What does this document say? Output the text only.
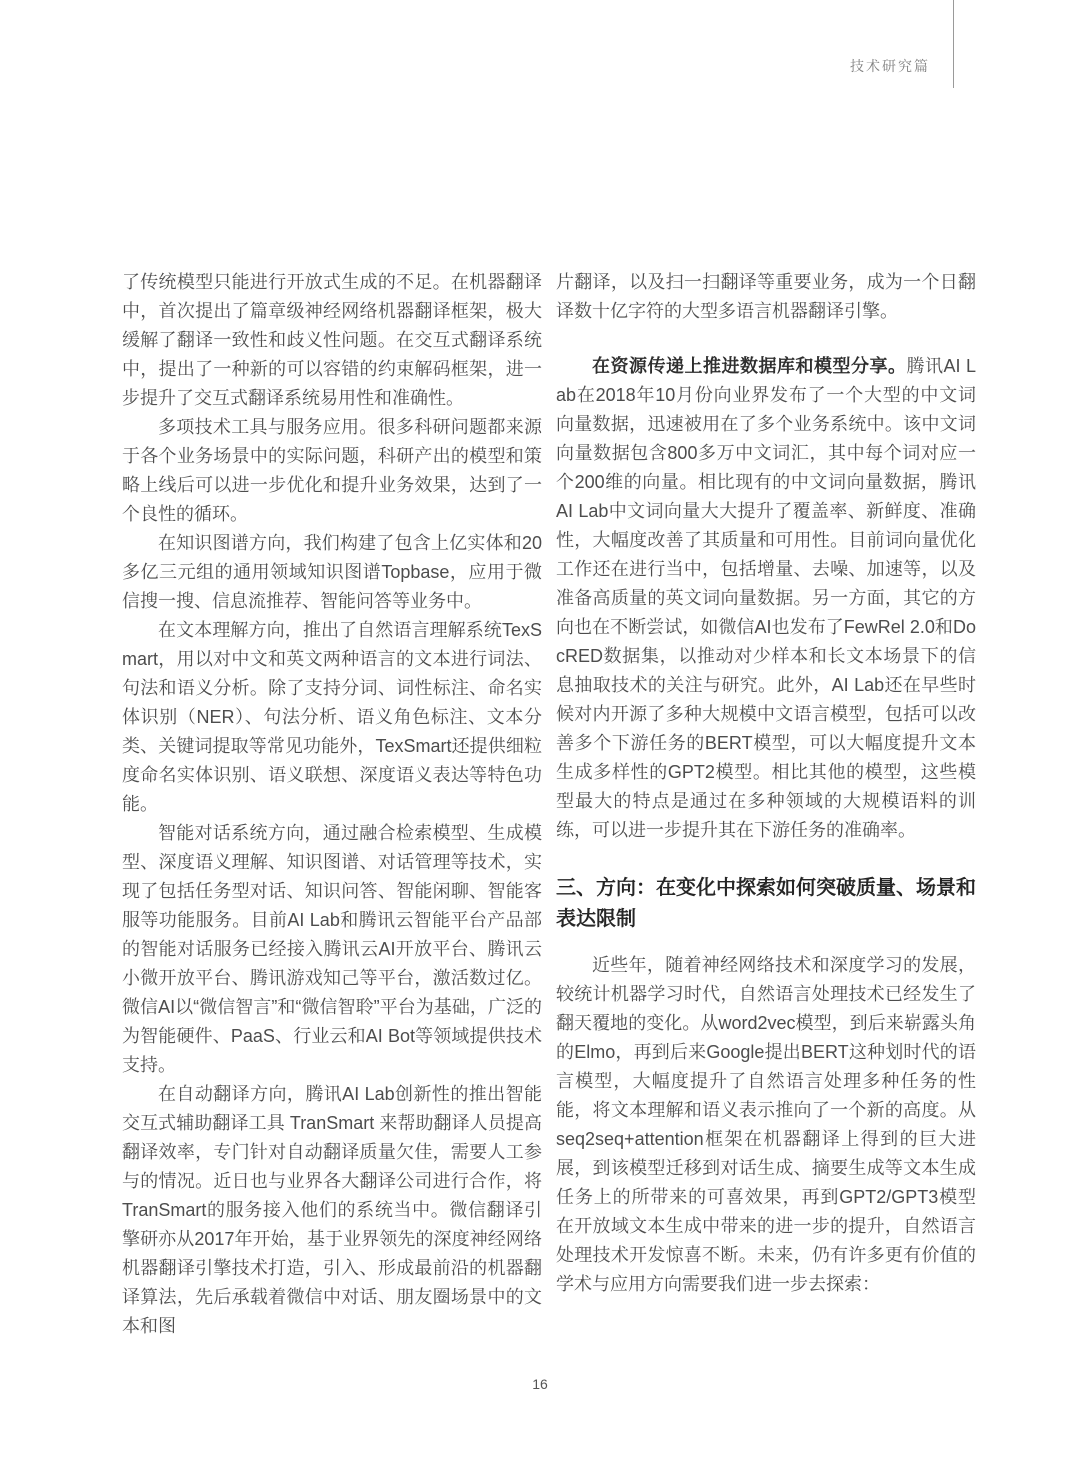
技术研究篇

了传统模型只能进行开放式生成的不足。在机器翻译中，首次提出了篇章级神经网络机器翻译框架，极大缓解了翻译一致性和歧义性问题。在交互式翻译系统中，提出了一种新的可以容错的约束解码框架，进一步提升了交互式翻译系统易用性和准确性。

多项技术工具与服务应用。很多科研问题都来源于各个业务场景中的实际问题，科研产出的模型和策略上线后可以进一步优化和提升业务效果，达到了一个良性的循环。

在知识图谱方向，我们构建了包含上亿实体和20多亿三元组的通用领域知识图谱Topbase，应用于微信搜一搜、信息流推荐、智能问答等业务中。

在文本理解方向，推出了自然语言理解系统TexSmart，用以对中文和英文两种语言的文本进行词法、句法和语义分析。除了支持分词、词性标注、命名实体识别（NER）、句法分析、语义角色标注、文本分类、关键词提取等常见功能外，TexSmart还提供细粒度命名实体识别、语义联想、深度语义表达等特色功能。

智能对话系统方向，通过融合检索模型、生成模型、深度语义理解、知识图谱、对话管理等技术，实现了包括任务型对话、知识问答、智能闲聊、智能客服等功能服务。目前AI Lab和腾讯云智能平台产品部的智能对话服务已经接入腾讯云AI开放平台、腾讯云小微开放平台、腾讯游戏知己等平台，激活数过亿。微信AI以“微信智言”和“微信智聆”平台为基础，广泛的为智能硬件、PaaS、行业云和AI Bot等领域提供技术支持。

在自动翻译方向，腾讯AI Lab创新性的推出智能交互式辅助翻译工具 TranSmart 来帮助翻译人员提高翻译效率，专门针对自动翻译质量欠佳，需要人工参与的情况。近日也与业界各大翻译公司进行合作，将TranSmart的服务接入他们的系统当中。微信翻译引擎研亦从2017年开始，基于业界领先的深度神经网络机器翻译引擎技术打造，引入、形成最前沿的机器翻译算法，先后承载着微信中对话、朋友圈场景中的文本和图

片翻译，以及扫一扫翻译等重要业务，成为一个日翻译数十亿字符的大型多语言机器翻译引擎。

在资源传递上推进数据库和模型分享。腾讯AI Lab在2018年10月份向业界发布了一个大型的中文词向量数据，迅速被用在了多个业务系统中。该中文词向量数据包含800多万中文词汇，其中每个词对应一个200维的向量。相比现有的中文词向量数据，腾讯AI Lab中文词向量大大提升了覆盖率、新鲜度、准确性，大幅度改善了其质量和可用性。目前词向量优化工作还在进行当中，包括增量、去噪、加速等，以及准备高质量的英文词向量数据。另一方面，其它的方向也在不断尝试，如微信AI也发布了FewRel 2.0和DocRED数据集，以推动对少样本和长文本场景下的信息抽取技术的关注与研究。此外，AI Lab还在早些时候对内开源了多种大规模中文语言模型，包括可以改善多个下游任务的BERT模型，可以大幅度提升文本生成多样性的GPT2模型。相比其他的模型，这些模型最大的特点是通过在多种领域的大规模语料的训练，可以进一步提升其在下游任务的准确率。

三、方向：在变化中探索如何突破质量、场景和表达限制

近些年，随着神经网络技术和深度学习的发展，较统计机器学习时代，自然语言处理技术已经发生了翻天覆地的变化。从word2vec模型，到后来崭露头角的Elmo，再到后来Google提出BERT这种划时代的语言模型，大幅度提升了自然语言处理多种任务的性能，将文本理解和语义表示推向了一个新的高度。从seq2seq+attention框架在机器翻译上得到的巨大进展，到该模型迁移到对话生成、摘要生成等文本生成任务上的所带来的可喜效果，再到GPT2/GPT3模型在开放域文本生成中带来的进一步的提升，自然语言处理技术开发惊喜不断。未来，仍有许多更有价值的学术与应用方向需要我们进一步去探索：

16
